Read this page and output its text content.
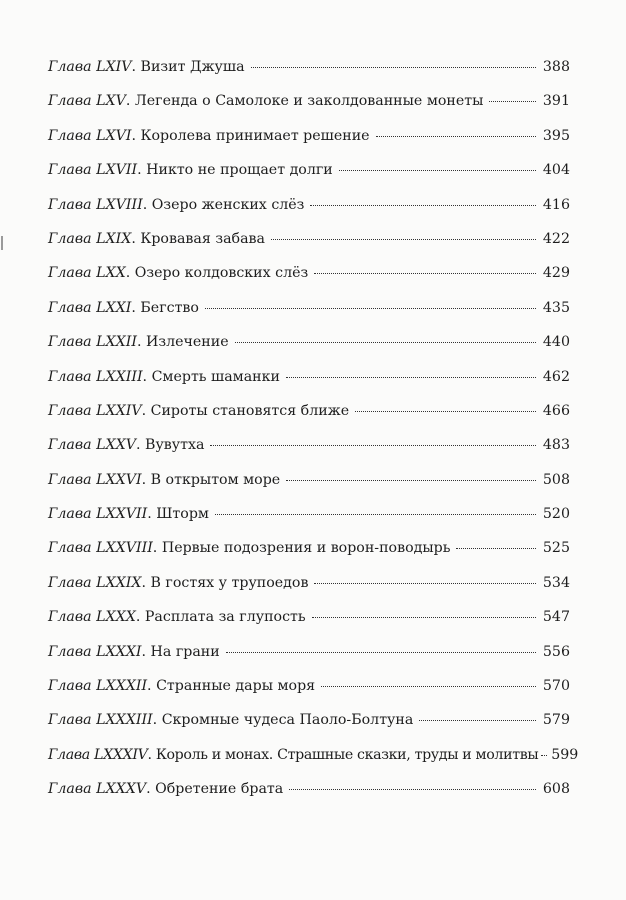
Глава LXIV . Визит Джуша	388
Глава LXV . Легенда о Самолоке и заколдованные монеты	391
Глава LXVI . Королева принимает решение	395
Глава LXVII . Никто не прощает долги	404
Глава LXVIII . Озеро женских слёз	416
Глава LXIX . Кровавая забава	422
Глава LXX . Озеро колдовских слёз	429
Глава LXXI . Бегство	435
Глава LXXII . Излечение	440
Глава LXXIII . Смерть шаманки	462
Глава LXXIV . Сироты становятся ближе	466
Глава LXXV . Вувутха	483
Глава LXXVI . В открытом море	508
Глава LXXVII . Шторм	520
Глава LXXVIII . Первые подозрения и ворон-поводырь	525
Глава LXXIX . В гостях у трупоедов	534
Глава LXXX . Расплата за глупость	547
Глава LXXXI . На грани	556
Глава LXXXII . Странные дары моря	570
Глава LXXXIII . Скромные чудеса Паоло-Болтуна	579
Глава LXXXIV . Король и монах. Страшные сказки, труды и молитвы 599
Глава LXXXV . Обретение брата	608
